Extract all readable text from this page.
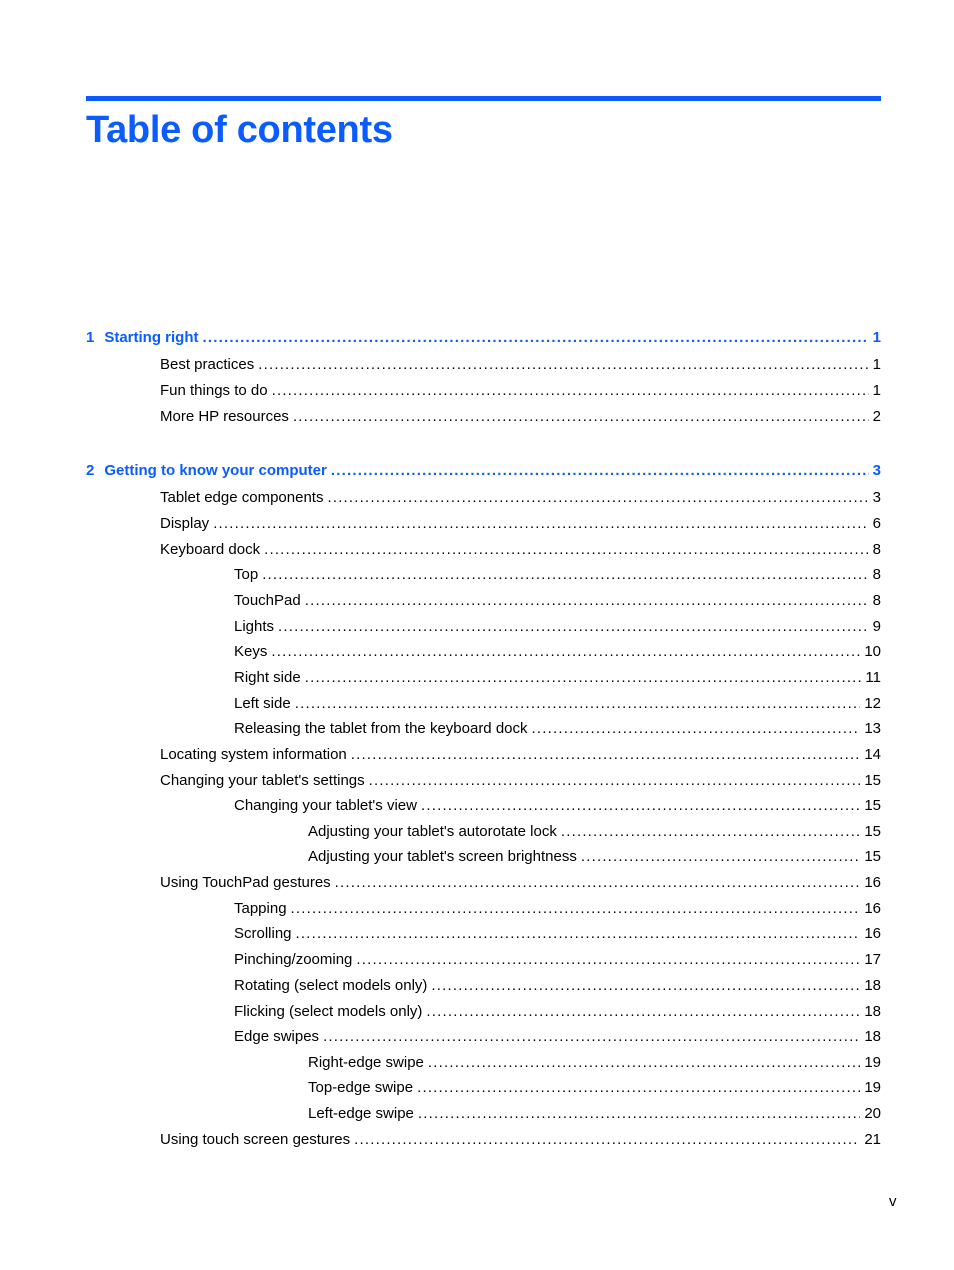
Table of contents
1 Starting right .....	1
Best practices .....	1
Fun things to do .....	1
More HP resources .....	2
2 Getting to know your computer .....	3
Tablet edge components .....	3
Display .....	6
Keyboard dock .....	8
Top .....	8
TouchPad .....	8
Lights .....	9
Keys .....	10
Right side .....	11
Left side .....	12
Releasing the tablet from the keyboard dock .....	13
Locating system information .....	14
Changing your tablet's settings .....	15
Changing your tablet's view .....	15
Adjusting your tablet's autorotate lock .....	15
Adjusting your tablet's screen brightness .....	15
Using TouchPad gestures .....	16
Tapping .....	16
Scrolling .....	16
Pinching/zooming .....	17
Rotating (select models only) .....	18
Flicking (select models only) .....	18
Edge swipes .....	18
Right-edge swipe .....	19
Top-edge swipe .....	19
Left-edge swipe .....	20
Using touch screen gestures .....	21
v
